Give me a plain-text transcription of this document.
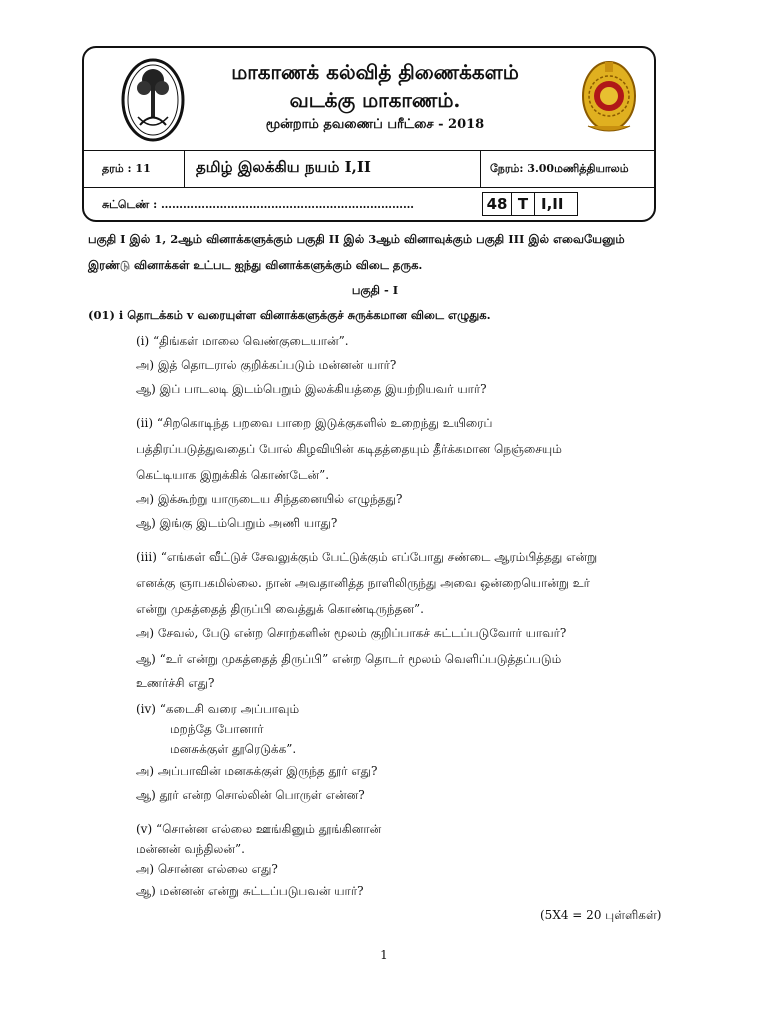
மாகாணக் கல்வித் திணைக்களம்
வடக்கு மாகாணம்.
மூன்றாம் தவணைப் பரீட்சை - 2018
தரம் : 11	தமிழ் இலக்கிய நயம் I,II	நேரம்: 3.00மணித்தியாலம்
சுட்டெண் : ……………………………………………………………	48 T I,II
பகுதி I இல் 1, 2ஆம் வினாக்களுக்கும் பகுதி II இல் 3ஆம் வினாவுக்கும் பகுதி III இல் எவையேனும்
இரண்டு வினாக்கள் உட்பட ஐந்து வினாக்களுக்கும் விடை தருக.
பகுதி - I
(01) i தொடக்கம் v வரையுள்ள வினாக்களுக்குச் சுருக்கமான விடை எழுதுக.
(i) “திங்கள் மாலை வெண்குடையான்”.
அ) இத் தொடரால் குறிக்கப்படும் மன்னன் யார்?
ஆ) இப் பாடலடி இடம்பெறும் இலக்கியத்தை இயற்றியவர் யார்?
(ii) “சிறகொடிந்த பறவை பாறை இடுக்குகளில் உறைந்து உயிரைப்
பத்திரப்படுத்துவதைப் போல் கிழவியின் கடிதத்தையும் தீர்க்கமான நெஞ்சையும்
கெட்டியாக இறுக்கிக் கொண்டேன்”.
அ) இக்கூற்று யாருடைய சிந்தனையில் எழுந்தது?
ஆ) இங்கு இடம்பெறும் அணி யாது?
(iii) “எங்கள் வீட்டுச் சேவலுக்கும் பேட்டுக்கும் எப்போது சண்டை ஆரம்பித்தது என்று
எனக்கு ஞாபகமில்லை. நான் அவதானித்த நாளிலிருந்து அவை ஒன்றையொன்று உர்
என்று முகத்தைத் திருப்பி வைத்துக் கொண்டிருந்தன”.
அ) சேவல், பேடு என்ற சொற்களின் மூலம் குறிப்பாகச் சுட்டப்படுவோர் யாவர்?
ஆ) “உர் என்று முகத்தைத் திருப்பி” என்ற தொடர் மூலம் வெளிப்படுத்தப்படும்
உணர்ச்சி எது?
(iv) “கடைசி வரை அப்பாவும்
மறந்தே போனார்
மனசுக்குள் தூரெடுக்க”.
அ) அப்பாவின் மனசுக்குள் இருந்த தூர் எது?
ஆ) தூர் என்ற சொல்லின் பொருள் என்ன?
(v) “சொன்ன எல்லை ஊங்கினும் தூங்கினான்
மன்னன் வந்திலன்”.
அ) சொன்ன எல்லை எது?
ஆ) மன்னன் என்று சுட்டப்படுபவன் யார்?
(5X4 = 20 புள்ளிகள்)
1
